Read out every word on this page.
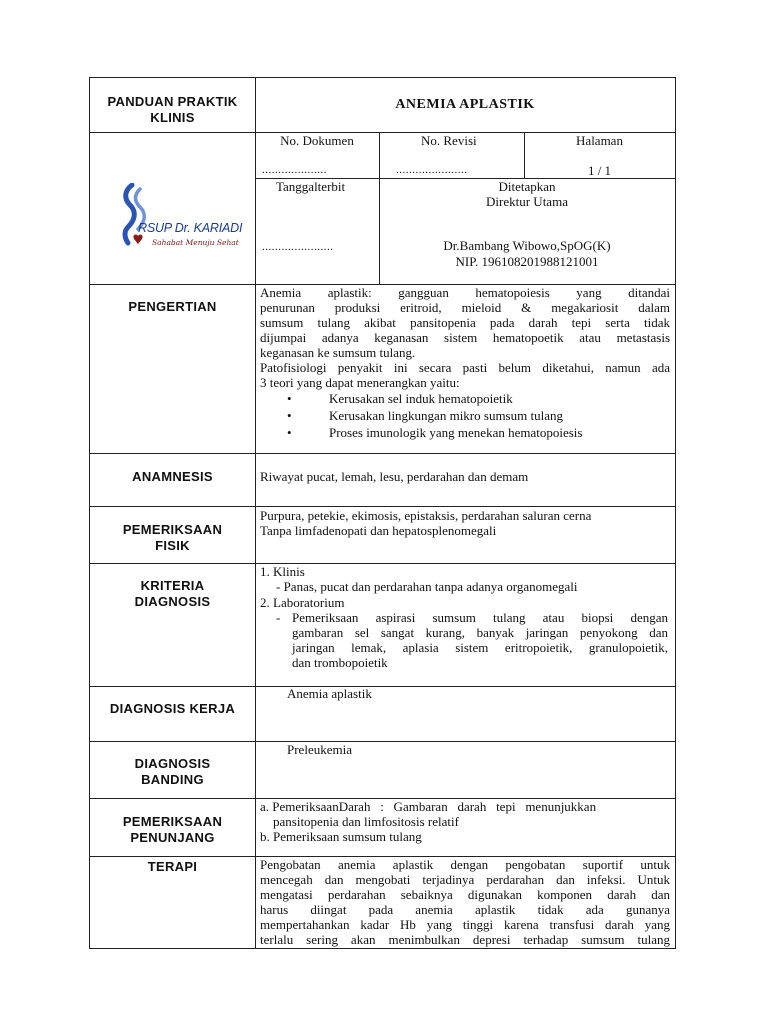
PANDUAN PRAKTIK
KLINIS
ANEMIA APLASTIK
No. Dokumen
....................
No. Revisi
......................
Halaman
1 / 1
Tanggalterbit
......................
Ditetapkan
Direktur Utama
Dr.Bambang Wibowo,SpOG(K)
NIP. 196108201988121001
PENGERTIAN
Anemia aplastik: gangguan hematopoiesis yang ditandai
penurunan produksi eritroid, mieloid & megakariosit dalam
sumsum tulang akibat pansitopenia pada darah tepi serta tidak
dijumpai adanya keganasan sistem hematopoetik atau metastasis
keganasan ke sumsum tulang.
Patofisiologi penyakit ini secara pasti belum diketahui, namun ada
3 teori yang dapat menerangkan yaitu:
• Kerusakan sel induk hematopoietik
• Kerusakan lingkungan mikro sumsum tulang
• Proses imunologik yang menekan hematopoiesis
ANAMNESIS	Riwayat pucat, lemah, lesu, perdarahan dan demam
PEMERIKSAAN
FISIK
Purpura, petekie, ekimosis, epistaksis, perdarahan saluran cerna
Tanpa limfadenopati dan hepatosplenomegali
KRITERIA
DIAGNOSIS
1. Klinis
- Panas, pucat dan perdarahan tanpa adanya organomegali
2. Laboratorium
- Pemeriksaan aspirasi sumsum tulang atau biopsi dengan
gambaran sel sangat kurang, banyak jaringan penyokong dan
jaringan lemak, aplasia sistem eritropoietik, granulopoietik,
dan trombopoietik
DIAGNOSIS KERJA
Anemia aplastik
DIAGNOSIS
BANDING
Preleukemia
PEMERIKSAAN
PENUNJANG
a. PemeriksaanDarah   :   Gambaran   darah   tepi   menunjukkan
pansitopenia dan limfositosis relatif
b. Pemeriksaan sumsum tulang
TERAPI	Pengobatan anemia aplastik dengan pengobatan suportif untuk
mencegah dan mengobati terjadinya perdarahan dan infeksi. Untuk
mengatasi perdarahan sebaiknya digunakan komponen darah dan
harus diingat pada anemia aplastik tidak ada gunanya
mempertahankan kadar Hb yang tinggi karena transfusi darah yang
terlalu sering akan menimbulkan depresi terhadap sumsum tulang
RSUP Dr. KARIADI
Sahabat Menuju Sehat
